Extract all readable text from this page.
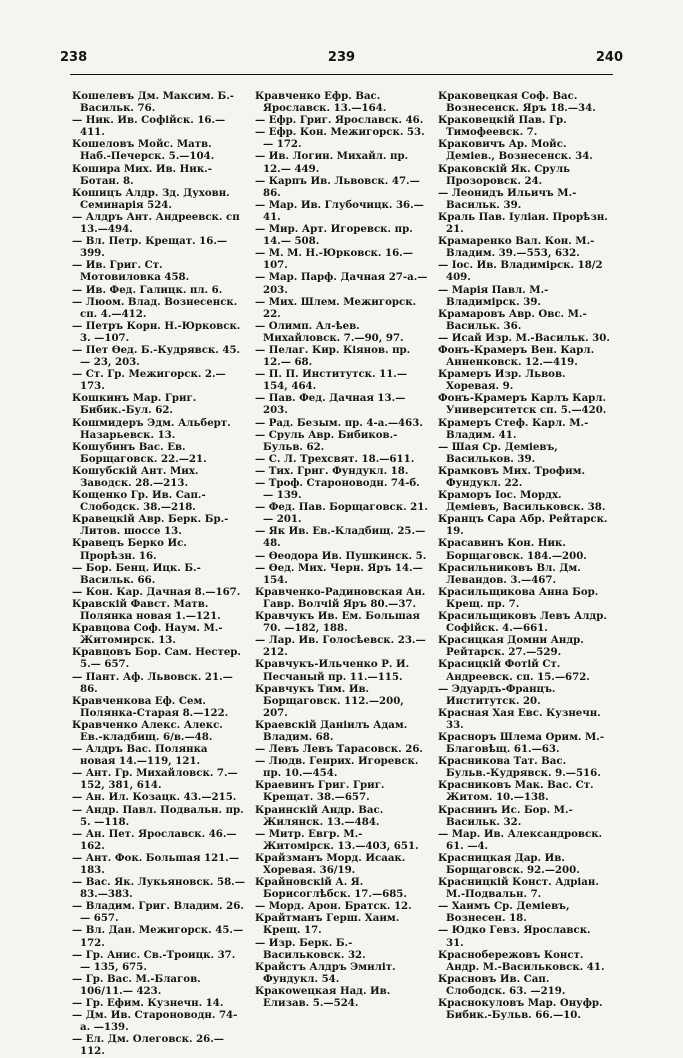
238	239	240
Кошелевъ Дм. Максим. Б.-Васильк. 76.
— Ник. Ив. Софійск. 16.—411.
Кошеловъ Мойс. Матв. Наб.-Печерск. 5.—104.
Кошира Мих. Ив. Ник.-Ботан. 8.
Кошицъ Алдр. Зд. Духовн. Семинарія 524.
— Алдръ Ант. Андреевск. сп 13.—494.
— Вл. Петр. Крещат. 16.—399.
— Ив. Григ. Ст. Мотовиловка 458.
— Ив. Фед. Галицк. пл. 6.
— Люом. Влад. Вознесенск. сп. 4.—412.
— Петръ Корн. Н.-Юрковск. 3. —107.
— Пет Өед. Б.-Кудрявск. 45.— 23, 203.
— Ст. Гр. Межигорск. 2.—173.
Кошкинъ Мар. Григ. Бибик.-Бул. 62.
Кошмидеръ Эдм. Альберт. Назарьевск. 13.
Кошубинъ Вас. Ев. Борщаговск. 22.—21.
Кошубскій Ант. Мих. Заводск. 28.—213.
Кощенко Гр. Ив. Сап.-Слободск. 38.—218.
Кравецкій Авр. Берк. Бр.-Литов. шоссе 13.
Кравецъ Берко Ис. Прорѣзн. 16.
— Бор. Бенц. Ицк. Б.-Васильк. 66.
— Кон. Кар. Дачная 8.—167.
Кравскій Фавст. Матв. Полянка новая 1.—121.
Кравцова Соф. Наум. М.-Житомирск. 13.
Кравцовъ Бор. Сам. Нестер. 5.— 657.
— Пант. Аф. Львовск. 21.—86.
Кравченкова Еф. Сем. Полянка-Старая 8.—122.
Кравченко Алекс. Алекс. Ев.-кладбищ. 6/в.—48.
— Алдръ Вас. Полянка новая 14.—119, 121.
— Ант. Гр. Михайловск. 7.— 152, 381, 614.
— Ан. Ил. Козацк. 43.—215.
— Андр. Павл. Подвальн. пр. 5. —118.
— Ан. Пет. Ярославск. 46.— 162.
— Ант. Фок. Большая 121.— 183.
— Вас. Як. Лукьяновск. 58.— 83.—383.
— Владим. Григ. Владим. 26.— 657.
— Вл. Дан. Межигорск. 45.— 172.
— Гр. Анис. Св.-Троицк. 37.— 135, 675.
— Гр. Вас. М.-Благов. 106/11.— 423.
— Гр. Ефим. Кузнечн. 14.
— Дм. Ив. Староноводн. 74-а. —139.
— Ел. Дм. Олеговск. 26.—112.
Кравченко Ефр. Вас. Ярославск. 13.—164.
— Ефр. Григ. Ярославск. 46.
— Ефр. Кон. Межигорск. 53.— 172.
— Ив. Логин. Михайл. пр. 12.— 449.
— Карпъ Ив. Львовск. 47.— 86.
— Мар. Ив. Глубочицк. 36.— 41.
— Мир. Арт. Игоревск. пр. 14.— 508.
— М. М. Н.-Юрковск. 16.—107.
— Мар. Парф. Дачная 27-а.— 203.
— Мих. Шлем. Межигорск. 22.
— Олимп. Ал-ѣев. Михайловск. 7.—90, 97.
— Пелаг. Кир. Кіянов. пр. 12.— 68.
— П. П. Институтск. 11.—154, 464.
— Пав. Фед. Дачная 13.—203.
— Рад. Безым. пр. 4-а.—463.
— Сруль Авр. Бибиков.-Бульв. 62.
— С. Л. Трехсвят. 18.—611.
— Тих. Григ. Фундукл. 18.
— Троф. Староноводн. 74-б.— 139.
— Фед. Пав. Борщаговск. 21.— 201.
— Як Ив. Ев.-Кладбищ. 25.— 48.
— Өеодора Ив. Пушкинск. 5.
— Өед. Мих. Черн. Яръ 14.— 154.
Кравченко-Радиновская Ан. Гавр. Волчій Яръ 80.—37.
Кравчукъ Ив. Ем. Большая 70. —182, 188.
— Лар. Ив. Голосѣевск. 23.— 212.
Кравчукъ-Ильченко Р. И. Песчаный пр. 11.—115.
Кравчукъ Тим. Ив. Борщаговск. 112.—200, 207.
Краевскій Даніилъ Адам. Владим. 68.
— Левъ Левъ Тарасовск. 26.
— Людв. Генрих. Игоревск. пр. 10.—454.
Краевинъ Григ. Григ. Крещат. 38.—657.
Краинскій Андр. Вас. Жилянск. 13.—484.
— Митр. Евгр. М.-Житомірск. 13.—403, 651.
Крайзманъ Морд. Исаак. Хоревая. 36/19.
Крайновскій А. Я. Борисоглѣбск. 17.—685.
— Морд. Арон. Братск. 12.
Крайтманъ Герш. Хаим. Крещ. 17.
— Изр. Берк. Б.-Васильковск. 32.
Крайстъ Алдръ Эмиліт. Фундукл. 54.
Кракowецкая Над. Ив. Елизав. 5.—524.
Краковецкая Соф. Вас. Вознесенск. Яръ 18.—34.
Краковецкій Пав. Гр. Тимофеевск. 7.
Краковичъ Ар. Мойс. Деміев., Вознесенск. 34.
Краковскій Як. Сруль Прозоровск. 24.
— Леонидъ Ильичъ М.-Васильк. 39.
Краль Пав. Іуліан. Прорѣзн. 21.
Крамаренко Вал. Кон. М.-Владим. 39.—553, 632.
— Іос. Ив. Владимірск. 18/2 409.
— Марія Павл. М.-Владимірск. 39.
Крамаровъ Авр. Овс. М.-Васильк. 36.
— Исай Изр. М.-Васильк. 30.
Фонъ-Крамеръ Вен. Карл. Анненковск. 12.—419.
Крамеръ Изр. Львов. Хоревая. 9.
Фонъ-Крамеръ Карлъ Карл. Университетск сп. 5.—420.
Крамеръ Стеф. Карл. М.-Владим. 41.
— Шая Ср. Деміевъ, Васильков. 39.
Крамковъ Мих. Трофим. Фундукл. 22.
Краморъ Іос. Мордх. Деміевъ, Васильковск. 38.
Кранцъ Сара Абр. Рейтарск. 19.
Красавинъ Кон. Ник. Борщаговск. 184.—200.
Красильниковъ Вл. Дм. Левандов. 3.—467.
Красильщикова Анна Бор. Крещ. пр. 7.
Красильщиковъ Левъ Алдр. Софійск. 4.—661.
Красицкая Домни Андр. Рейтарск. 27.—529.
Красицкій Фотій Ст. Андреевск. сп. 15.—672.
— Эдуардъ-Францъ. Институтск. 20.
Красная Хая Евс. Кузнечн. 33.
Красноръ Шлема Орим. М.-Благовѣщ. 61.—63.
Красникова Тат. Вас. Бульв.-Кудрявск. 9.—516.
Красниковъ Мак. Вас. Ст. Житом. 10.—138.
Краснинъ Ис. Бор. М.-Васильк. 32.
— Мар. Ив. Александровск. 61. —4.
Красницкая Дар. Ив. Борщаговск. 92.—200.
Красницкій Конст. Адріан. М.-Подвальн. 7.
— Хаимъ Ср. Деміевъ, Вознесен. 18.
— Юдко Гевз. Ярославск. 31.
Краснобережовъ Конст. Андр. М.-Васильковск. 41.
Красновъ Ив. Сап. Слободск. 63. —219.
Краснокуловъ Мар. Онуфр. Бибик.-Бульв. 66.—10.
